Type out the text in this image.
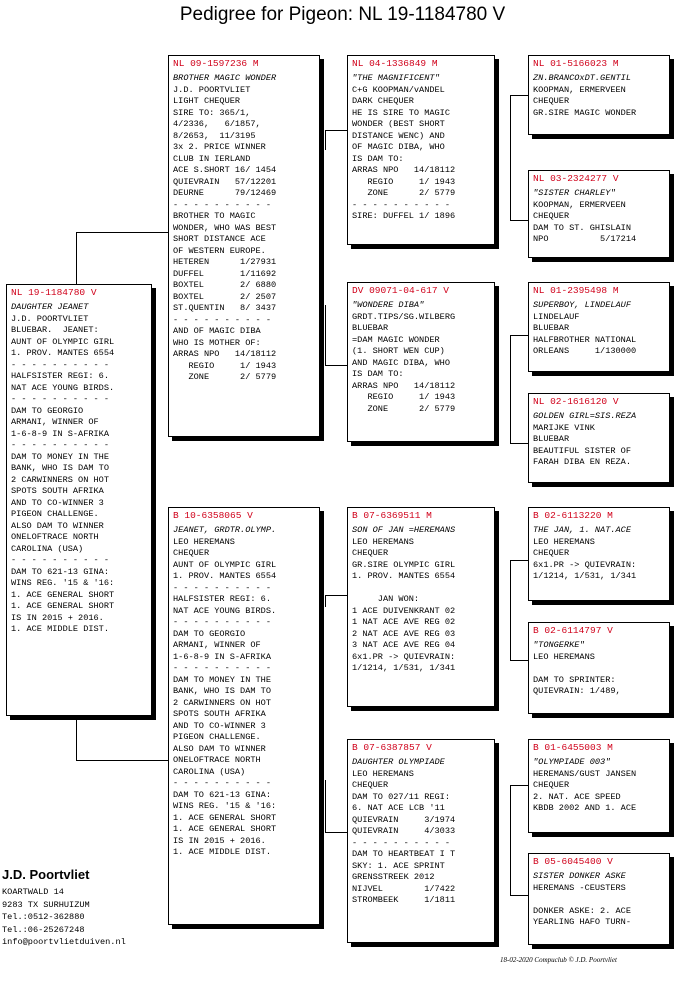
Pedigree for Pigeon: NL 19-1184780 V
NL 19-1184780 V
DAUGHTER JEANET
J.D. POORTVLIET
BLUEBAR.  JEANET:
AUNT OF OLYMPIC GIRL
1. PROV. MANTES 6554
- - - - - - - - - -
HALFSISTER REGI: 6.
NAT ACE YOUNG BIRDS.
- - - - - - - - - -
DAM TO GEORGIO
ARMANI, WINNER OF
1-6-8-9 IN S-AFRIKA
- - - - - - - - - -
DAM TO MONEY IN THE
BANK, WHO IS DAM TO
2 CARWINNERS ON HOT
SPOTS SOUTH AFRIKA
AND TO CO-WINNER 3
PIGEON CHALLENGE.
ALSO DAM TO WINNER
ONELOFTRACE NORTH
CAROLINA (USA)
- - - - - - - - - -
DAM TO 621-13 GINA:
WINS REG. '15 & '16:
1. ACE GENERAL SHORT
1. ACE GENERAL SHORT
IS IN 2015 + 2016.
1. ACE MIDDLE DIST.
NL 09-1597236 M
BROTHER MAGIC WONDER
J.D. POORTVLIET
LIGHT CHEQUER
SIRE TO: 365/1,
4/2336,   6/1857,
8/2653,  11/3195
3x 2. PRICE WINNER
CLUB IN IERLAND
ACE S.SHORT 16/ 1454
QUIEVRAIN   57/12201
DEURNE      79/12469
- - - - - - - - - -
BROTHER TO MAGIC
WONDER, WHO WAS BEST
SHORT DISTANCE ACE
OF WESTERN EUROPE.
HETEREN      1/27931
DUFFEL       1/11692
BOXTEL       2/ 6880
BOXTEL       2/ 2507
ST.QUENTIN   8/ 3437
- - - - - - - - - -
AND OF MAGIC DIBA
WHO IS MOTHER OF:
ARRAS NPO   14/18112
REGIO     1/ 1943
ZONE      2/ 5779
B 10-6358065 V
JEANET, GRDTR.OLYMP.
LEO HEREMANS
CHEQUER
AUNT OF OLYMPIC GIRL
1. PROV. MANTES 6554
- - - - - - - - - -
HALFSISTER REGI: 6.
NAT ACE YOUNG BIRDS.
- - - - - - - - - -
DAM TO GEORGIO
ARMANI, WINNER OF
1-6-8-9 IN S-AFRIKA
- - - - - - - - - -
DAM TO MONEY IN THE
BANK, WHO IS DAM TO
2 CARWINNERS ON HOT
SPOTS SOUTH AFRIKA
AND TO CO-WINNER 3
PIGEON CHALLENGE.
ALSO DAM TO WINNER
ONELOFTRACE NORTH
CAROLINA (USA)
- - - - - - - - - -
DAM TO 621-13 GINA:
WINS REG. '15 & '16:
1. ACE GENERAL SHORT
1. ACE GENERAL SHORT
IS IN 2015 + 2016.
1. ACE MIDDLE DIST.
NL 04-1336849 M
"THE MAGNIFICENT"
C+G KOOPMAN/vANDEL
DARK CHEQUER
HE IS SIRE TO MAGIC
WONDER (BEST SHORT
DISTANCE WENC) AND
OF MAGIC DIBA, WHO
IS DAM TO:
ARRAS NPO   14/18112
REGIO     1/ 1943
ZONE      2/ 5779
- - - - - - - - - -
SIRE: DUFFEL 1/ 1896
DV 09071-04-617 V
"WONDERE DIBA"
GRDT.TIPS/SG.WILBERG
BLUEBAR
=DAM MAGIC WONDER
(1. SHORT WEN CUP)
AND MAGIC DIBA, WHO
IS DAM TO:
ARRAS NPO   14/18112
REGIO     1/ 1943
ZONE      2/ 5779
B 07-6369511 M
SON OF JAN =HEREMANS
LEO HEREMANS
CHEQUER
GR.SIRE OLYMPIC GIRL
1. PROV. MANTES 6554
JAN WON:
1 ACE DUIVENKRANT 02
1 NAT ACE AVE REG 02
2 NAT ACE AVE REG 03
3 NAT ACE AVE REG 04
6x1.PR -> QUIEVRAIN:
1/1214, 1/531, 1/341
B 07-6387857 V
DAUGHTER OLYMPIADE
LEO HEREMANS
CHEQUER
DAM TO 027/11 REGI:
6. NAT ACE LCB '11
QUIEVRAIN     3/1974
QUIEVRAIN     4/3033
- - - - - - - - - -
DAM TO HEARTBEAT I T
SKY: 1. ACE SPRINT
GRENSSTREEK 2012
NIJVEL        1/7422
STROMBEEK     1/1811
NL 01-5166023 M
ZN.BRANCOxDT.GENTIL
KOOPMAN, ERMERVEEN
CHEQUER
GR.SIRE MAGIC WONDER
NL 03-2324277 V
"SISTER CHARLEY"
KOOPMAN, ERMERVEEN
CHEQUER
DAM TO ST. GHISLAIN
NPO          5/17214
NL 01-2395498 M
SUPERBOY, LINDELAUF
LINDELAUF
BLUEBAR
HALFBROTHER NATIONAL
ORLEANS     1/130000
NL 02-1616120 V
GOLDEN GIRL=SIS.REZA
MARIJKE VINK
BLUEBAR
BEAUTIFUL SISTER OF
FARAH DIBA EN REZA.
B 02-6113220 M
THE JAN, 1. NAT.ACE
LEO HEREMANS
CHEQUER
6x1.PR -> QUIEVRAIN:
1/1214, 1/531, 1/341
B 02-6114797 V
"TONGERKE"
LEO HEREMANS
DAM TO SPRINTER:
QUIEVRAIN: 1/489,
B 01-6455003 M
"OLYMPIADE 003"
HEREMANS/GUST JANSEN
CHEQUER
2. NAT. ACE SPEED
KBDB 2002 AND 1. ACE
B 05-6045400 V
SISTER DONKER ASKE
HEREMANS -CEUSTERS
DONKER ASKE: 2. ACE
YEARLING HAFO TURN-
J.D. Poortvliet
KOARTWALD 14
9283 TX SURHUIZUM
Tel.:0512-362880
Tel.:06-25267248
info@poortvlietduiven.nl
18-02-2020 Compuclub © J.D. Poortvliet
